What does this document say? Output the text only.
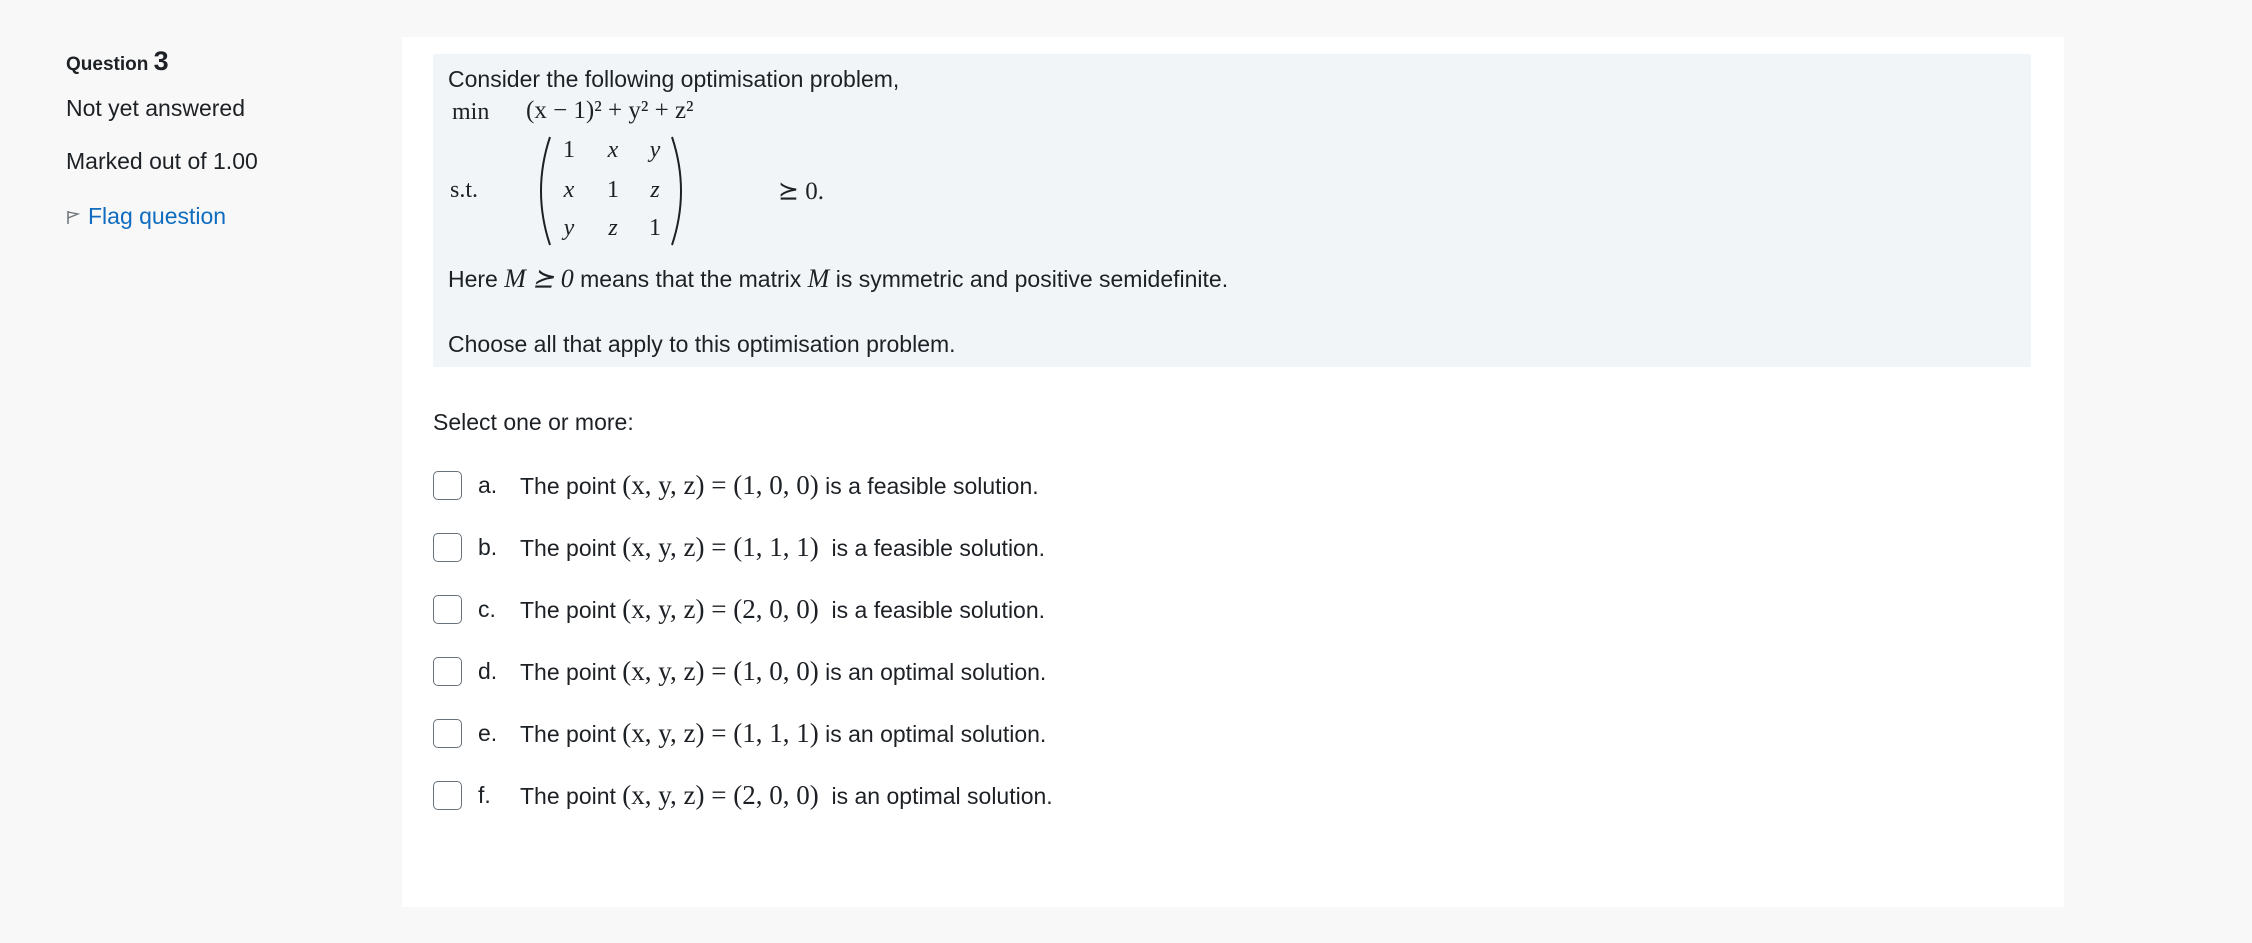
Question 3
Not yet answered
Marked out of 1.00
Flag question
Consider the following optimisation problem,
min (x − 1)² + y² + z²
s.t.
1	x	y
x	1	z
y	z	1
⪰ 0.
Here M ⪰ 0 means that the matrix M is symmetric and positive semidefinite.
Choose all that apply to this optimisation problem.
Select one or more:
a. The point (x, y, z) = (1, 0, 0) is a feasible solution.
b. The point (x, y, z) = (1, 1, 1)  is a feasible solution.
c.	The point (x, y, z) = (2, 0, 0)  is a feasible solution.
d. The point (x, y, z) = (1, 0, 0) is an optimal solution.
e. The point (x, y, z) = (1, 1, 1) is an optimal solution.
f.	The point (x, y, z) = (2, 0, 0)  is an optimal solution.
